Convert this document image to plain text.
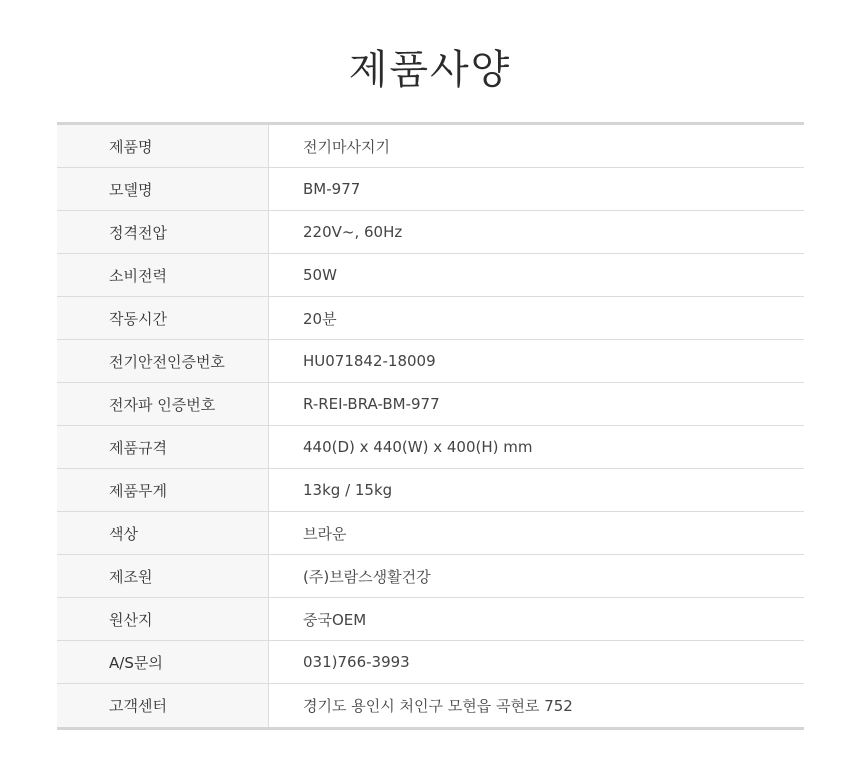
제품사양
제품명	전기마사지기
모델명	BM-977
정격전압	220V~, 60Hz
소비전력	50W
작동시간	20분
전기안전인증번호	HU071842-18009
전자파 인증번호	R-REI-BRA-BM-977
제품규격	440(D) x 440(W) x 400(H) mm
제품무게	13kg / 15kg
색상	브라운
제조원	(주)브람스생활건강
원산지	중국OEM
A/S문의	031)766-3993
고객센터	경기도 용인시 처인구 모현읍 곡현로 752
